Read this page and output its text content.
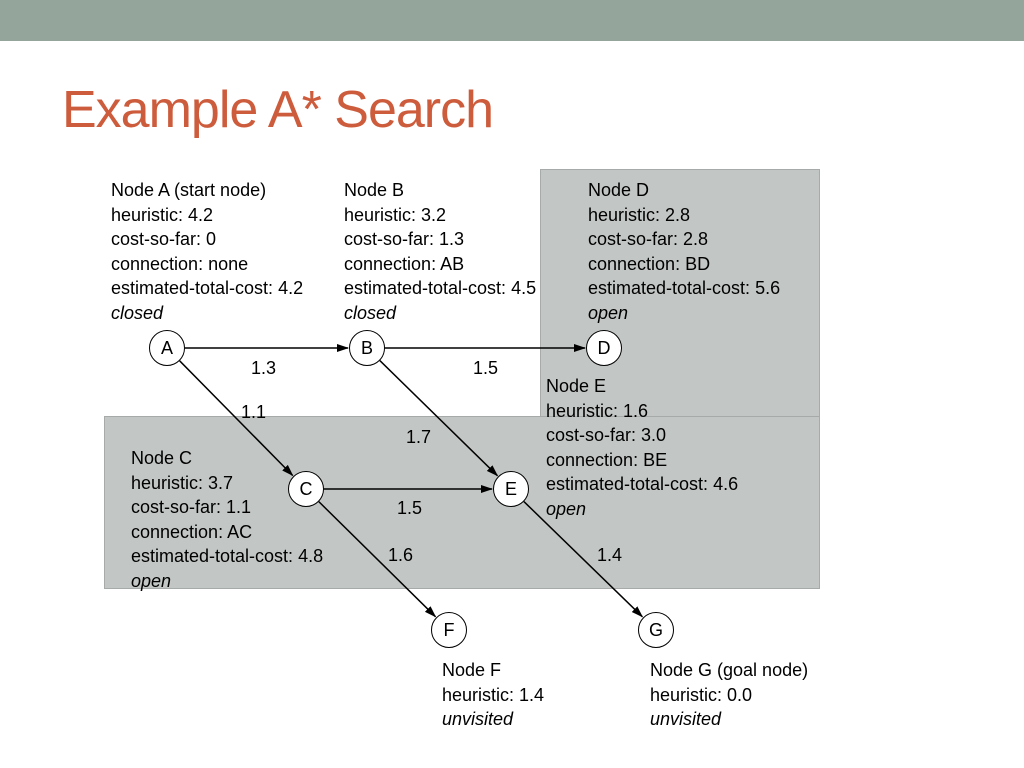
Example A* Search
Node A (start node)
heuristic: 4.2
cost-so-far: 0
connection: none
estimated-total-cost: 4.2
closed
Node B
heuristic: 3.2
cost-so-far: 1.3
connection: AB
estimated-total-cost: 4.5
closed
Node D
heuristic: 2.8
cost-so-far: 2.8
connection: BD
estimated-total-cost: 5.6
open
Node E
heuristic: 1.6
cost-so-far: 3.0
connection: BE
estimated-total-cost: 4.6
open
Node C
heuristic: 3.7
cost-so-far: 1.1
connection: AC
estimated-total-cost: 4.8
open
Node F
heuristic: 1.4
unvisited
Node G (goal node)
heuristic: 0.0
unvisited
A	B
C
D
E
F	G
1.3
1.1
1.5
1.7
1.5
1.6	1.4
